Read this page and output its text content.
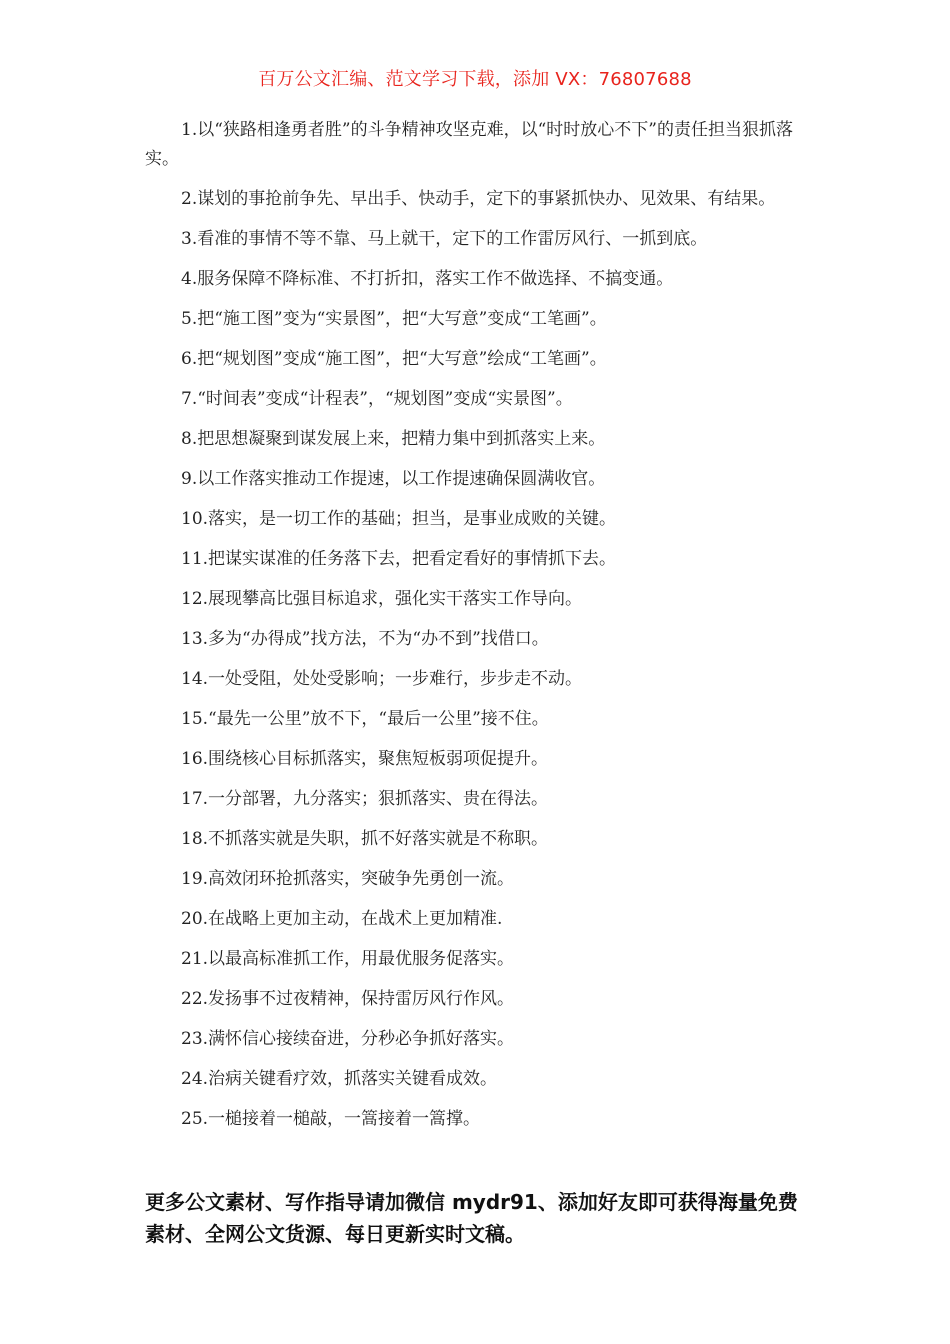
百万公文汇编、范文学习下载，添加 VX：76807688

1.以“狭路相逢勇者胜”的斗争精神攻坚克难，以“时时放心不下”的责任担当狠抓落实。

2.谋划的事抢前争先、早出手、快动手，定下的事紧抓快办、见效果、有结果。

3.看准的事情不等不靠、马上就干，定下的工作雷厉风行、一抓到底。

4.服务保障不降标准、不打折扣，落实工作不做选择、不搞变通。

5.把“施工图”变为“实景图”，把“大写意”变成“工笔画”。

6.把“规划图”变成“施工图”，把“大写意”绘成“工笔画”。

7.“时间表”变成“计程表”，“规划图”变成“实景图”。

8.把思想凝聚到谋发展上来，把精力集中到抓落实上来。

9.以工作落实推动工作提速，以工作提速确保圆满收官。

10.落实，是一切工作的基础；担当，是事业成败的关键。

11.把谋实谋准的任务落下去，把看定看好的事情抓下去。

12.展现攀高比强目标追求，强化实干落实工作导向。

13.多为“办得成”找方法，不为“办不到”找借口。

14.一处受阻，处处受影响；一步难行，步步走不动。

15.“最先一公里”放不下，“最后一公里”接不住。

16.围绕核心目标抓落实，聚焦短板弱项促提升。

17.一分部署，九分落实；狠抓落实、贵在得法。

18.不抓落实就是失职，抓不好落实就是不称职。

19.高效闭环抢抓落实，突破争先勇创一流。

20.在战略上更加主动，在战术上更加精准.

21.以最高标准抓工作，用最优服务促落实。

22.发扬事不过夜精神，保持雷厉风行作风。

23.满怀信心接续奋进，分秒必争抓好落实。

24.治病关键看疗效，抓落实关键看成效。

25.一槌接着一槌敲，一篙接着一篙撑。

更多公文素材、写作指导请加微信 mydr91、添加好友即可获得海量免费素材、全网公文货源、每日更新实时文稿。
